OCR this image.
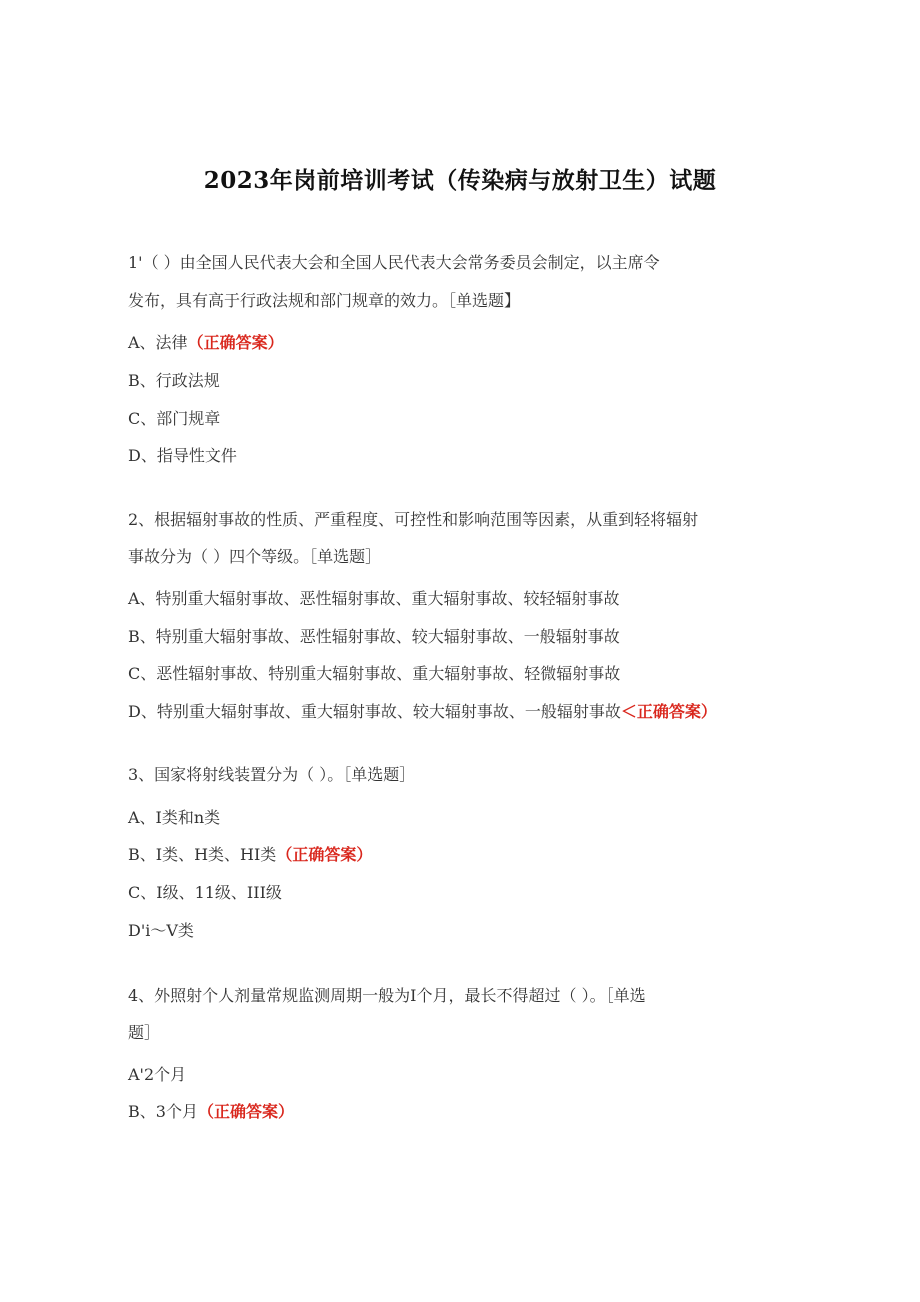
2023年岗前培训考试（传染病与放射卫生）试题
1'（ ）由全国人民代表大会和全国人民代表大会常务委员会制定，以主席令
发布，具有高于行政法规和部门规章的效力。［单选题】
A、法律（正确答案）
B、行政法规
C、部门规章
D、指导性文件
2、根据辐射事故的性质、严重程度、可控性和影响范围等因素，从重到轻将辐射
事故分为（ ）四个等级。［单选题］
A、特别重大辐射事故、恶性辐射事故、重大辐射事故、较轻辐射事故
B、特别重大辐射事故、恶性辐射事故、较大辐射事故、一般辐射事故
C、恶性辐射事故、特别重大辐射事故、重大辐射事故、轻微辐射事故
D、特别重大辐射事故、重大辐射事故、较大辐射事故、一般辐射事故＜正确答案）
3、国家将射线装置分为（ ）。［单选题］
A、I类和n类
B、I类、H类、HI类（正确答案）
C、I级、11级、III级
D'i～V类
4、外照射个人剂量常规监测周期一般为I个月，最长不得超过（ ）。［单选
题］
A'2个月
B、3个月（正确答案）
